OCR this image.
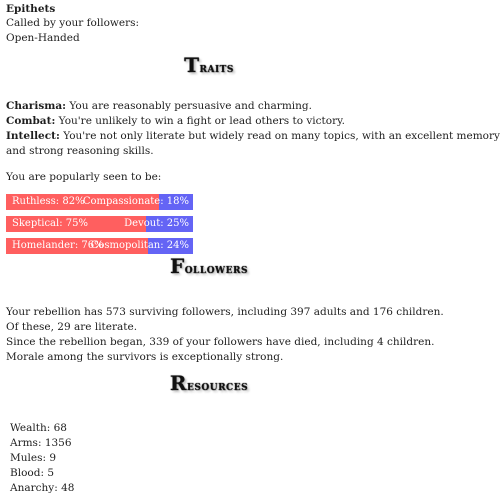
Epithets
Called by your followers:
Open-Handed
Traits
Charisma: You are reasonably persuasive and charming.
Combat: You're unlikely to win a fight or lead others to victory.
Intellect: You're not only literate but widely read on many topics, with an excellent memory
and strong reasoning skills.
You are popularly seen to be:
Ruthless: 82%
Compassionate: 18%
Skeptical: 75%	Devout: 25%
Homelander: 76%
Cosmopolitan: 24%
Followers
Your rebellion has 573 surviving followers, including 397 adults and 176 children.
Of these, 29 are literate.
Since the rebellion began, 339 of your followers have died, including 4 children.
Morale among the survivors is exceptionally strong.
Resources
Wealth: 68
Arms: 1356
Mules: 9
Blood: 5
Anarchy: 48
